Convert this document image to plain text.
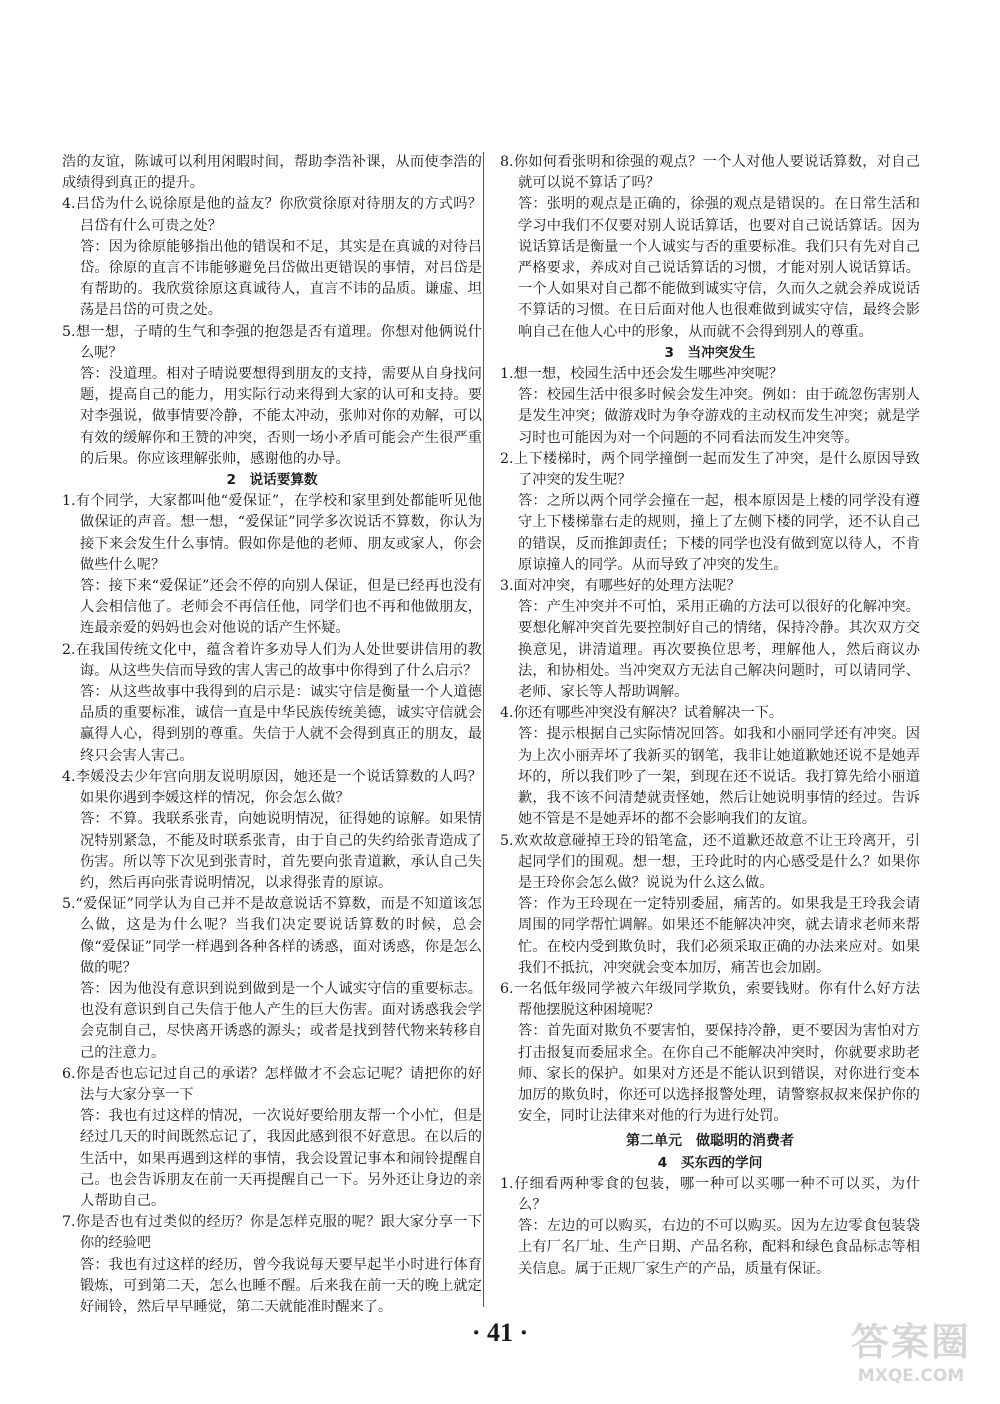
浩的友谊，陈诚可以利用闲暇时间，帮助李浩补课，从而使李浩的成绩得到真正的提升。

4.吕岱为什么说徐原是他的益友？你欣赏徐原对待朋友的方式吗？吕岱有什么可贵之处？

答：因为徐原能够指出他的错误和不足，其实是在真诚的对待吕岱。徐原的直言不讳能够避免吕岱做出更错误的事情，对吕岱是有帮助的。我欣赏徐原这真诚待人，直言不讳的品质。谦虚、坦荡是吕岱的可贵之处。

5.想一想，子晴的生气和李强的抱怨是否有道理。你想对他俩说什么呢？

答：没道理。相对子晴说要想得到朋友的支持，需要从自身找问题，提高自己的能力，用实际行动来得到大家的认可和支持。要对李强说，做事情要冷静，不能太冲动，张帅对你的劝解，可以有效的缓解你和王赞的冲突，否则一场小矛盾可能会产生很严重的后果。你应该理解张帅，感谢他的办导。

2　说话要算数

1.有个同学，大家都叫他“爱保证”，在学校和家里到处都能听见他做保证的声音。想一想，“爱保证”同学多次说话不算数，你认为接下来会发生什么事情。假如你是他的老师、朋友或家人，你会做些什么呢？

答：接下来“爱保证”还会不停的向别人保证，但是已经再也没有人会相信他了。老师会不再信任他，同学们也不再和他做朋友，连最亲爱的妈妈也会对他说的话产生怀疑。

2.在我国传统文化中，蕴含着许多劝导人们为人处世要讲信用的教诲。从这些失信而导致的害人害己的故事中你得到了什么启示？

答：从这些故事中我得到的启示是：诚实守信是衡量一个人道德品质的重要标准，诚信一直是中华民族传统美德，诚实守信就会赢得人心，得到别的尊重。失信于人就不会得到真正的朋友，最终只会害人害己。

4.李媛没去少年宫向朋友说明原因，她还是一个说话算数的人吗？如果你遇到李媛这样的情况，你会怎么做？

答：不算。我联系张青，向她说明情况，征得她的谅解。如果情况特别紧急，不能及时联系张青，由于自己的失约给张青造成了伤害。所以等下次见到张青时，首先要向张青道歉，承认自己失约，然后再向张青说明情况，以求得张青的原谅。

5.“爱保证”同学认为自己并不是故意说话不算数，而是不知道该怎么做，这是为什么呢？当我们决定要说话算数的时候，总会像“爱保证”同学一样遇到各种各样的诱惑，面对诱惑，你是怎么做的呢？

答：因为他没有意识到说到做到是一个人诚实守信的重要标志。也没有意识到自己失信于他人产生的巨大伤害。面对诱惑我会学会克制自己，尽快离开诱惑的源头；或者是找到替代物来转移自己的注意力。

6.你是否也忘记过自己的承诺？怎样做才不会忘记呢？请把你的好法与大家分享一下

答：我也有过这样的情况，一次说好要给朋友帮一个小忙，但是经过几天的时间既然忘记了，我因此感到很不好意思。在以后的生活中，如果再遇到这样的事情，我会设置记事本和闹铃提醒自己。也会告诉朋友在前一天再提醒自己一下。另外还让身边的亲人帮助自己。

7.你是否也有过类似的经历？你是怎样克服的呢？跟大家分享一下你的经验吧

答：我也有过这样的经历，曾今我说每天要早起半小时进行体育锻炼，可到第二天，怎么也睡不醒。后来我在前一天的晚上就定好闹铃，然后早早睡觉，第二天就能准时醒来了。

8.你如何看张明和徐强的观点？一个人对他人要说话算数，对自己就可以说不算话了吗？

答：张明的观点是正确的，徐强的观点是错误的。在日常生活和学习中我们不仅要对别人说话算话，也要对自己说话算话。因为说话算话是衡量一个人诚实与否的重要标准。我们只有先对自己严格要求，养成对自己说话算话的习惯，才能对别人说话算话。一个人如果对自己都不能做到诚实守信，久而久之就会养成说话不算话的习惯。在日后面对他人也很难做到诚实守信，最终会影响自己在他人心中的形象，从而就不会得到别人的尊重。

3　当冲突发生

1.想一想，校园生活中还会发生哪些冲突呢？

答：校园生活中很多时候会发生冲突。例如：由于疏忽伤害别人是发生冲突；做游戏时为争夺游戏的主动权而发生冲突；就是学习时也可能因为对一个问题的不同看法而发生冲突等。

2.上下楼梯时，两个同学撞倒一起而发生了冲突，是什么原因导致了冲突的发生呢？

答：之所以两个同学会撞在一起，根本原因是上楼的同学没有遵守上下楼梯靠右走的规则，撞上了左侧下楼的同学，还不认自己的错误，反而推卸责任；下楼的同学也没有做到宽以待人，不肯原谅撞人的同学。从而导致了冲突的发生。

3.面对冲突，有哪些好的处理方法呢？

答：产生冲突并不可怕，采用正确的方法可以很好的化解冲突。要想化解冲突首先要控制好自己的情绪，保持冷静。其次双方交换意见，讲清道理。再次要换位思考，理解他人，然后商议办法，和协相处。当冲突双方无法自己解决问题时，可以请同学、老师、家长等人帮助调解。

4.你还有哪些冲突没有解决？试着解决一下。

答：提示根据自己实际情况回答。如我和小丽同学还有冲突。因为上次小丽弄坏了我新买的钢笔，我非让她道歉她还说不是她弄坏的，所以我们吵了一架，到现在还不说话。我打算先给小丽道歉，我不该不问清楚就责怪她，然后让她说明事情的经过。告诉她不管是不是她弄坏的都不会影响我们的友谊。

5.欢欢故意碰掉王玲的铅笔盒，还不道歉还故意不让王玲离开，引起同学们的围观。想一想，王玲此时的内心感受是什么？如果你是王玲你会怎么做？说说为什么这么做。

答：作为王玲现在一定特别委屈，痛苦的。如果我是王玲我会请周围的同学帮忙调解。如果还不能解决冲突，就去请求老师来帮忙。在校内受到欺负时，我们必须采取正确的办法来应对。如果我们不抵抗，冲突就会变本加厉，痛苦也会加剧。

6.一名低年级同学被六年级同学欺负，索要钱财。你有什么好方法帮他摆脱这种困境呢？

答：首先面对欺负不要害怕，要保持冷静，更不要因为害怕对方打击报复而委屈求全。在你自己不能解决冲突时，你就要求助老师、家长的保护。如果对方还是不能认识到错误，对你进行变本加厉的欺负时，你还可以选择报警处理，请警察叔叔来保护你的安全，同时让法律来对他的行为进行处罚。

第二单元　做聪明的消费者

4　买东西的学问

1.仔细看两种零食的包装，哪一种可以买哪一种不可以买，为什么？

答：左边的可以购买，右边的不可以购买。因为左边零食包装袋上有厂名厂址、生产日期、产品名称，配料和绿色食品标志等相关信息。属于正规厂家生产的产品，质量有保证。

· 41 ·	答案圈
MXQE.COM
